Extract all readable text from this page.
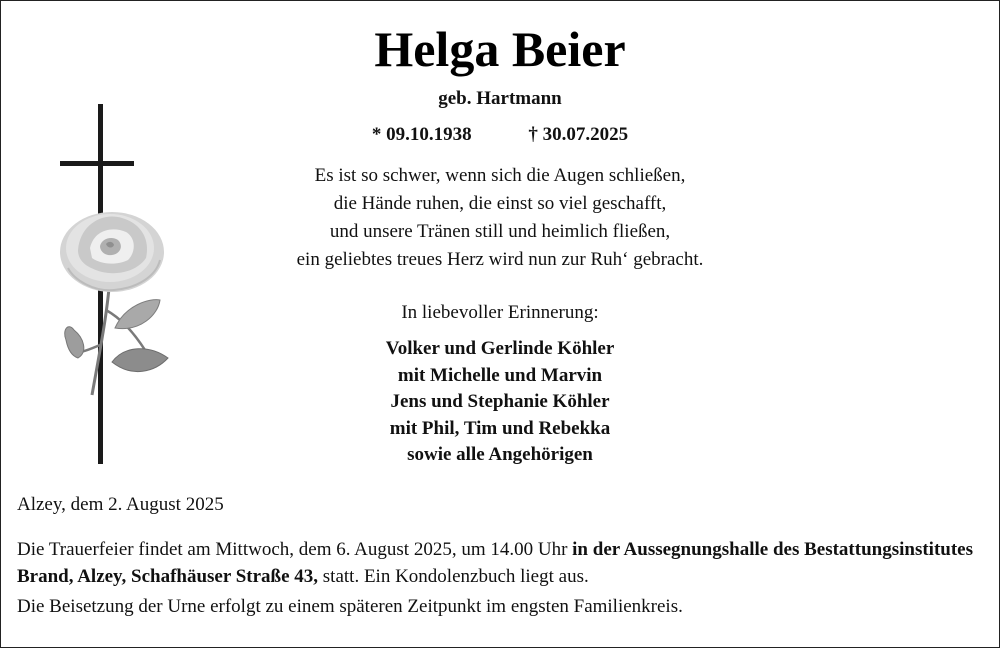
Helga Beier
geb. Hartmann
* 09.10.1938	† 30.07.2025
Es ist so schwer, wenn sich die Augen schließen,
die Hände ruhen, die einst so viel geschafft,
und unsere Tränen still und heimlich fließen,
ein geliebtes treues Herz wird nun zur Ruh‘ gebracht.
In liebevoller Erinnerung:
Volker und Gerlinde Köhler
mit Michelle und Marvin
Jens und Stephanie Köhler
mit Phil, Tim und Rebekka
sowie alle Angehörigen
Alzey, dem 2. August 2025
Die Trauerfeier findet am Mittwoch, dem 6. August 2025, um 14.00 Uhr in der Aussegnungshalle des Bestattungsinstitutes Brand, Alzey, Schafhäuser Straße 43, statt. Ein Kondolenzbuch liegt aus.
Die Beisetzung der Urne erfolgt zu einem späteren Zeitpunkt im engsten Familienkreis.
